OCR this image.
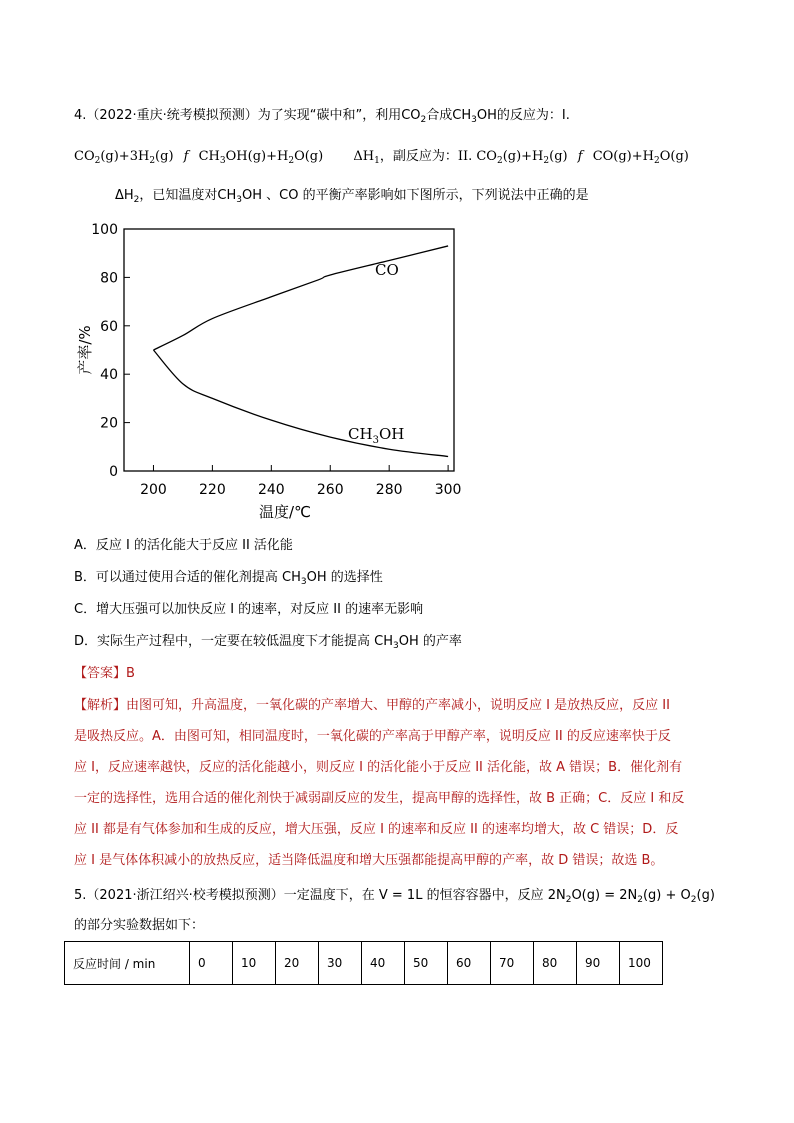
4.（2022·重庆·统考模拟预测）为了实现“碳中和”，利用$CO_2$合成$CH_3OH$的反应为：I.
$CO_2(g)+3H_2(g)$ f $CH_3OH(g)+H_2O(g)$ $\Delta H_1$，副反应为：II. $CO_2(g)+H_2(g)$ f $CO(g)+H_2O(g)$
$\Delta H_2$，已知温度对$CH_3OH$ 、CO 的平衡产率影响如下图所示，下列说法中正确的是
200 220 240 260 280 300
0
20
40
60
80
100
CO
$CH_3OH$
温度/℃
产率/%
A．反应 I 的活化能大于反应 II 活化能
B．可以通过使用合适的催化剂提高 $CH_3OH$ 的选择性
C．增大压强可以加快反应 I 的速率，对反应 II 的速率无影响
D．实际生产过程中，一定要在较低温度下才能提高 $CH_3OH$ 的产率
【答案】B
【解析】由图可知，升高温度，一氧化碳的产率增大、甲醇的产率减小，说明反应 I 是放热反应，反应 II
是吸热反应。A．由图可知，相同温度时，一氧化碳的产率高于甲醇产率，说明反应 II 的反应速率快于反
应 I，反应速率越快，反应的活化能越小，则反应 I 的活化能小于反应 II 活化能，故 A 错误；B．催化剂有
一定的选择性，选用合适的催化剂快于减弱副反应的发生，提高甲醇的选择性，故 B 正确；C．反应 I 和反
应 II 都是有气体参加和生成的反应，增大压强，反应 I 的速率和反应 II 的速率均增大，故 C 错误；D．反
应 I 是气体体积减小的放热反应，适当降低温度和增大压强都能提高甲醇的产率，故 D 错误；故选 B。
5.（2021·浙江绍兴·校考模拟预测）一定温度下，在 V = 1L 的恒容容器中，反应 $2N_2O(g) = 2N_2(g) + O_2(g)$
的部分实验数据如下：
反应时间 / min	0	10	20	30	40	50	60	70	80	90	100
